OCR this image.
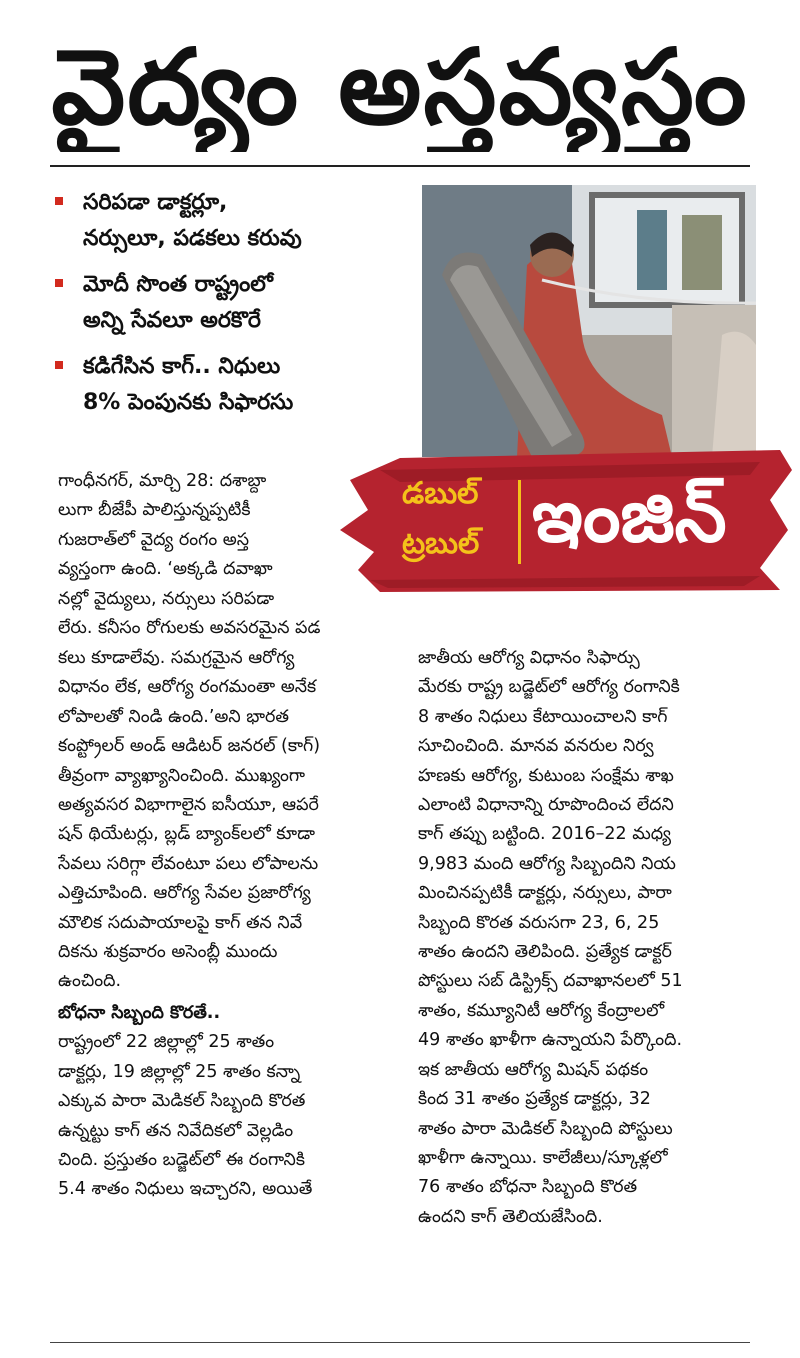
వైద్యం అస్తవ్యస్తం
సరిపడా డాక్టర్లూ,
నర్సులూ, పడకలు కరువు
మోదీ సొంత రాష్ట్రంలో
అన్ని సేవలూ అరకొరే
కడిగేసిన కాగ్‌.. నిధులు
8% పెంపునకు సిఫారసు
డబుల్‌
ట్రబుల్‌ ఇంజిన్‌
గాంధీనగర్‌, మార్చి 28: దశాబ్దా
లుగా బీజేపీ పాలిస్తున్నప్పటికీ
గుజరాత్‌లో వైద్య రంగం అస్త
వ్యస్తంగా ఉంది. ‘అక్కడి దవాఖా
నల్లో వైద్యులు, నర్సులు సరిపడా
లేరు. కనీసం రోగులకు అవసరమైన పడ
కలు కూడాలేవు. సమగ్రమైన ఆరోగ్య
విధానం లేక, ఆరోగ్య రంగమంతా అనేక
లోపాలతో నిండి ఉంది.’అని భారత
కంప్ట్రోలర్‌ అండ్‌ ఆడిటర్‌ జనరల్‌ (కాగ్‌)
తీవ్రంగా వ్యాఖ్యానించింది. ముఖ్యంగా
అత్యవసర విభాగాలైన ఐసీయూ, ఆపరే
షన్‌ థియేటర్లు, బ్లడ్‌ బ్యాంక్‌లలో కూడా
సేవలు సరిగ్గా లేవంటూ పలు లోపాలను
ఎత్తిచూపింది. ఆరోగ్య సేవల ప్రజారోగ్య
మౌలిక సదుపాయాలపై కాగ్‌ తన నివే
దికను శుక్రవారం అసెంబ్లీ ముందు
ఉంచింది.
బోధనా సిబ్బంది కొరతే..
రాష్ట్రంలో 22 జిల్లాల్లో 25 శాతం
డాక్టర్లు, 19 జిల్లాల్లో 25 శాతం కన్నా
ఎక్కువ పారా మెడికల్‌ సిబ్బంది కొరత
ఉన్నట్టు కాగ్‌ తన నివేదికలో వెల్లడిం
చింది. ప్రస్తుతం బడ్జెట్‌లో ఈ రంగానికి
5.4 శాతం నిధులు ఇచ్చారని, అయితే
జాతీయ ఆరోగ్య విధానం సిఫార్సు
మేరకు రాష్ట్ర బడ్జెట్‌లో ఆరోగ్య రంగానికి
8 శాతం నిధులు కేటాయించాలని కాగ్‌
సూచించింది. మానవ వనరుల నిర్వ
హణకు ఆరోగ్య, కుటుంబ సంక్షేమ శాఖ
ఎలాంటి విధానాన్ని రూపొందించ లేదని
కాగ్‌ తప్పు బట్టింది. 2016–22 మధ్య
9,983 మంది ఆరోగ్య సిబ్బందిని నియ
మించినప్పటికీ డాక్టర్లు, నర్సులు, పారా
సిబ్బంది కొరత వరుసగా 23, 6, 25
శాతం ఉందని తెలిపింది. ప్రత్యేక డాక్టర్‌
పోస్టులు సబ్‌ డిస్ట్రిక్స్‌ దవాఖానలలో 51
శాతం, కమ్యూనిటీ ఆరోగ్య కేంద్రాలలో
49 శాతం ఖాళీగా ఉన్నాయని పేర్కొంది.
ఇక జాతీయ ఆరోగ్య మిషన్‌ పథకం
కింద 31 శాతం ప్రత్యేక డాక్టర్లు, 32
శాతం పారా మెడికల్‌ సిబ్బంది పోస్టులు
ఖాళీగా ఉన్నాయి. కాలేజీలు/స్కూళ్లలో
76 శాతం బోధనా సిబ్బంది కొరత
ఉందని కాగ్‌ తెలియజేసింది.
